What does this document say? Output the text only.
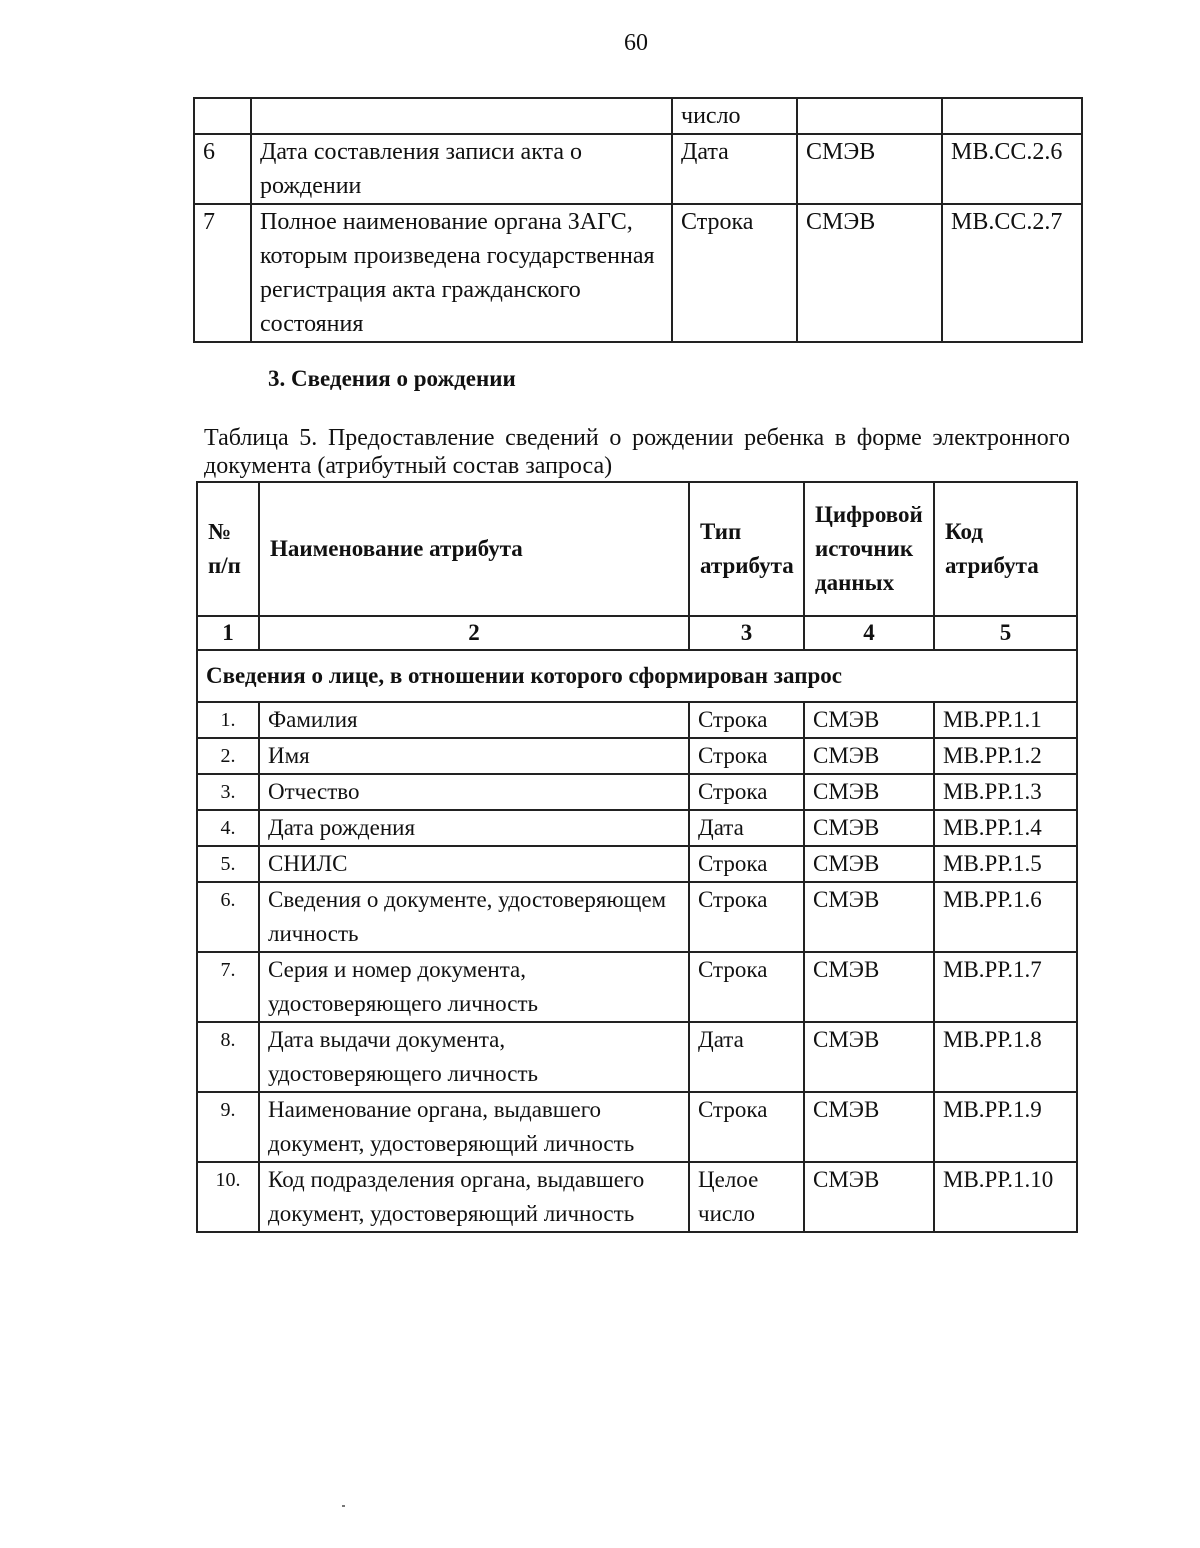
60
		число		
6	Дата составления записи акта о рождении	Дата	СМЭВ	МВ.СС.2.6
7	Полное наименование органа ЗАГС, которым произведена государственная регистрация акта гражданского состояния	Строка	СМЭВ	МВ.СС.2.7
3. Сведения о рождении
Таблица 5. Предоставление сведений о рождении ребенка в форме электронного документа (атрибутный состав запроса)
№ п/п	Наименование атрибута	Тип атрибута	Цифровой источник данных	Код атрибута
1	2	3	4	5
Сведения о лице, в отношении которого сформирован запрос				
1.	Фамилия	Строка	СМЭВ	МВ.РР.1.1
2.	Имя	Строка	СМЭВ	МВ.РР.1.2
3.	Отчество	Строка	СМЭВ	МВ.РР.1.3
4.	Дата рождения	Дата	СМЭВ	МВ.РР.1.4
5.	СНИЛС	Строка	СМЭВ	МВ.РР.1.5
6.	Сведения о документе, удостоверяющем личность	Строка	СМЭВ	МВ.РР.1.6
7.	Серия и номер документа, удостоверяющего личность	Строка	СМЭВ	МВ.РР.1.7
8.	Дата выдачи документа, удостоверяющего личность	Дата	СМЭВ	МВ.РР.1.8
9.	Наименование органа, выдавшего документ, удостоверяющий личность	Строка	СМЭВ	МВ.РР.1.9
10.	Код подразделения органа, выдавшего документ, удостоверяющий личность	Целое число	СМЭВ	МВ.РР.1.10
